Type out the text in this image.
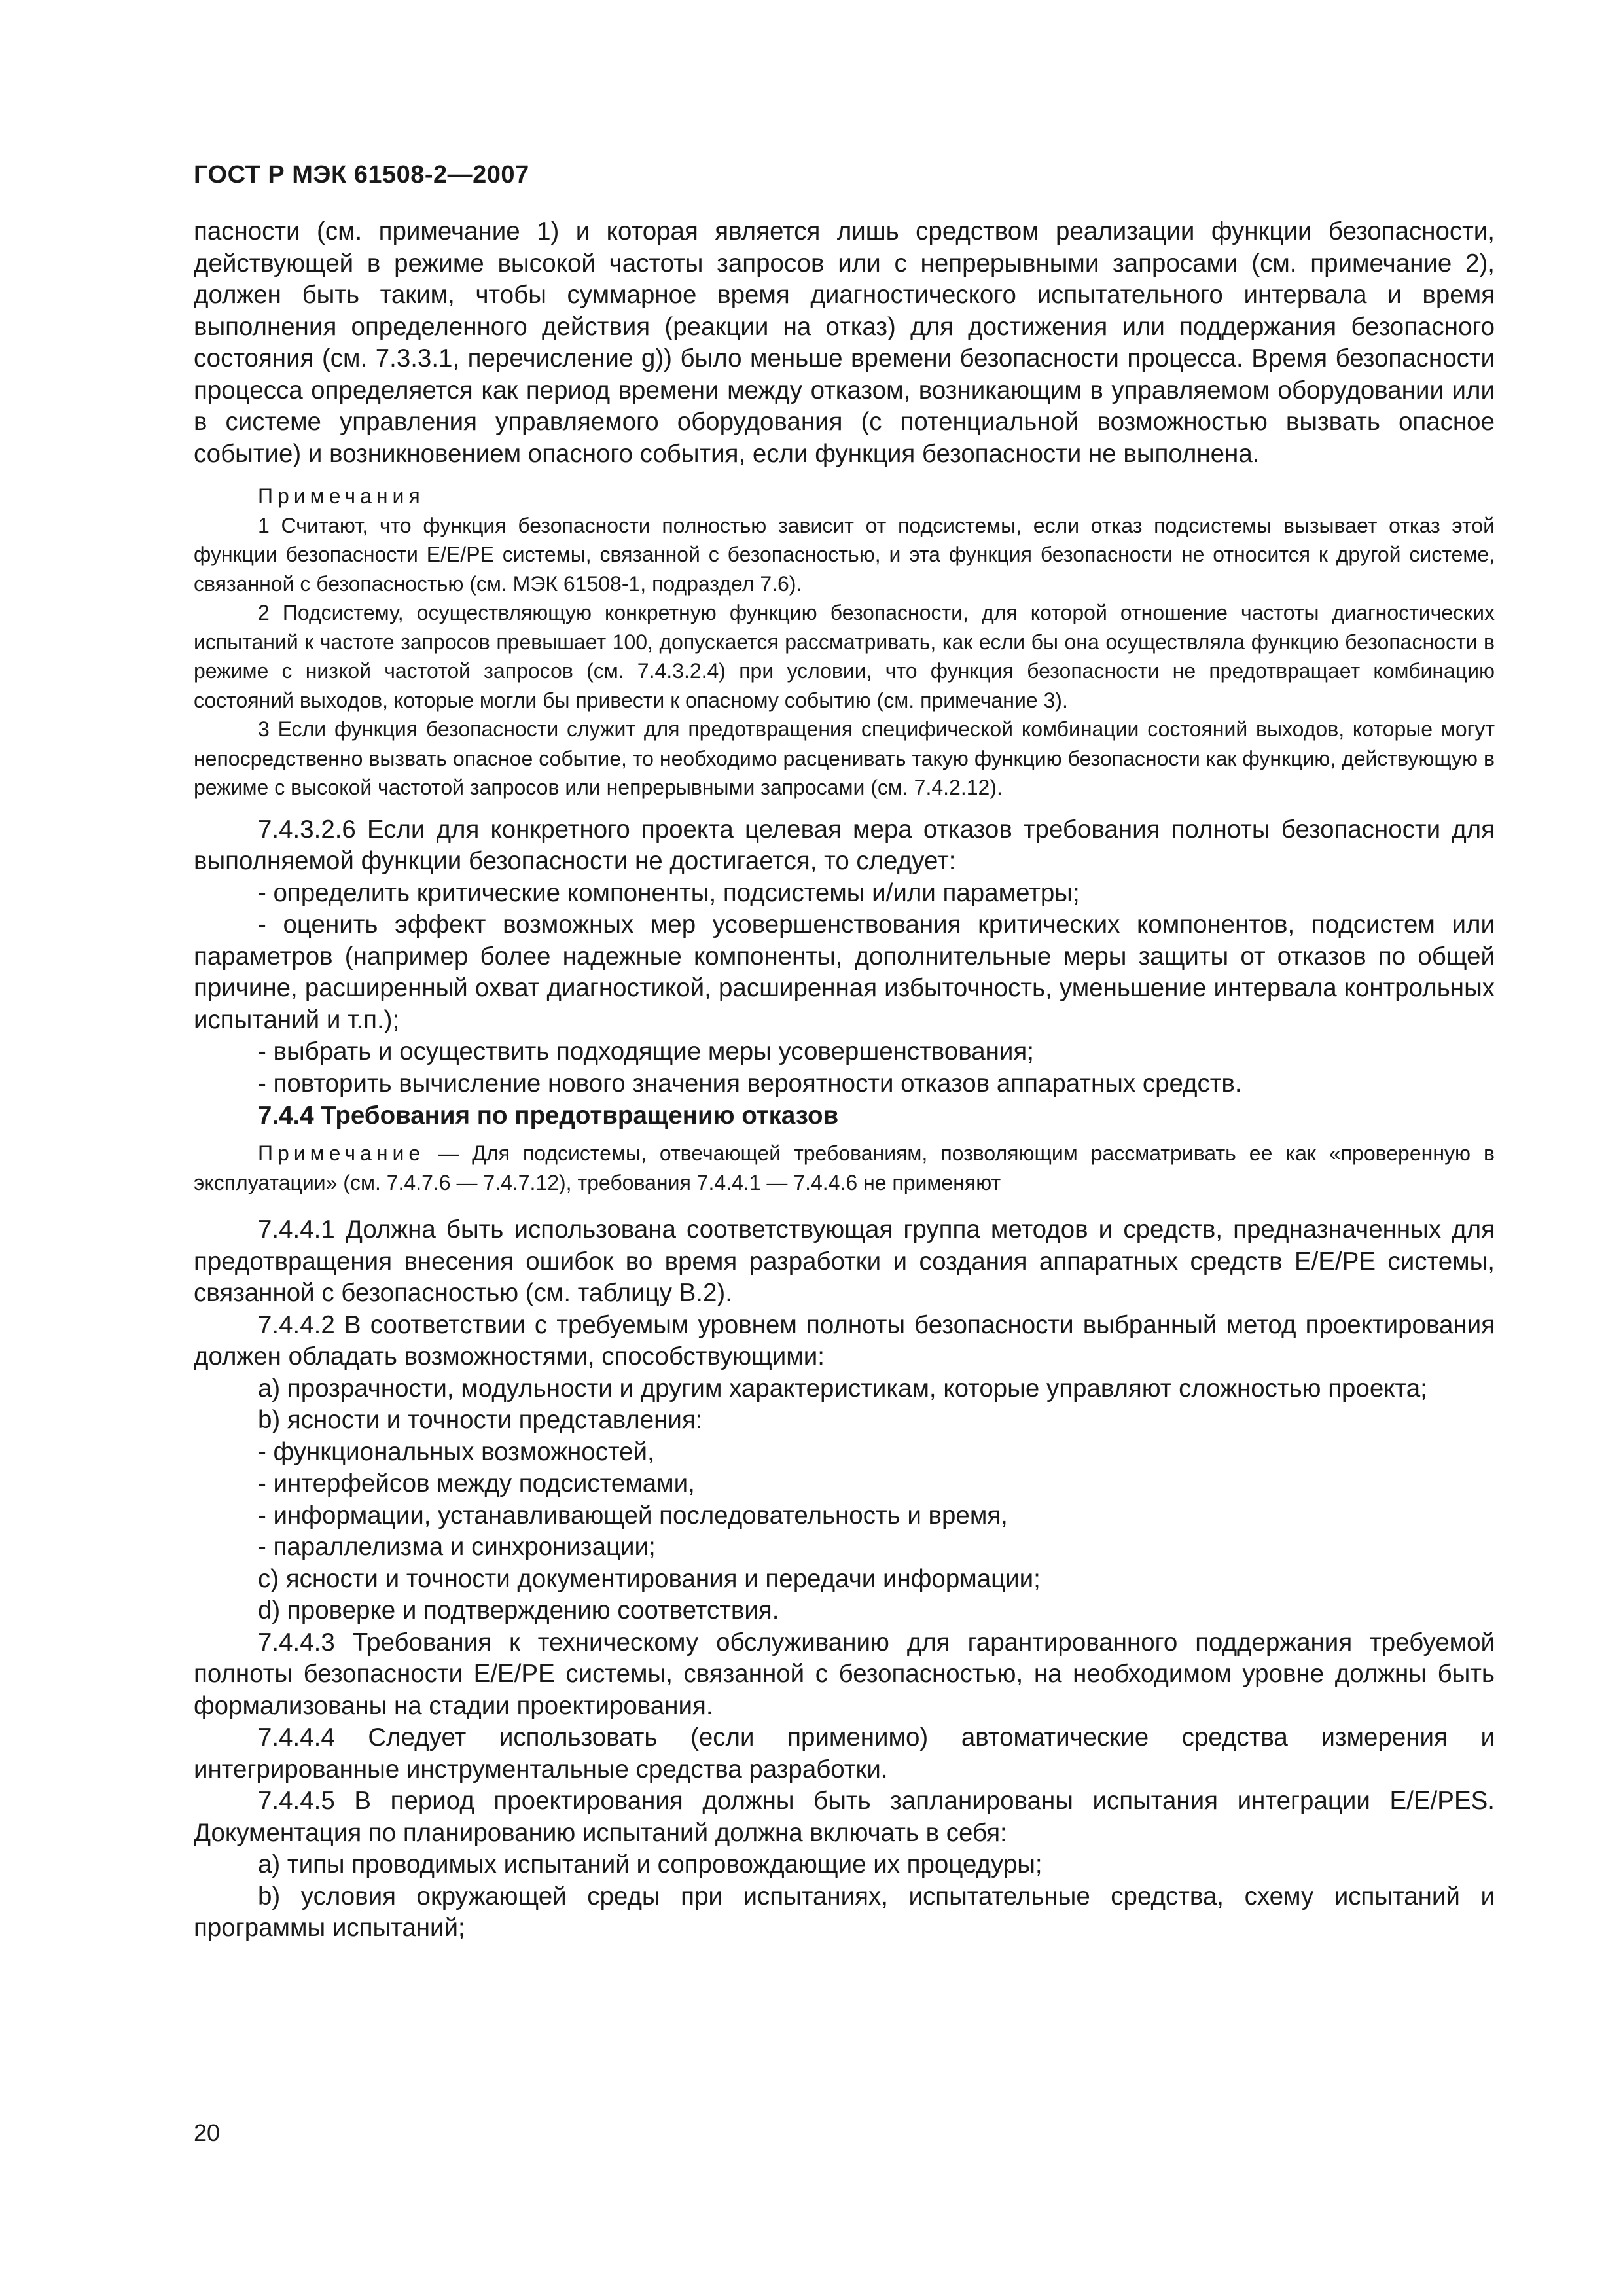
ГОСТ Р МЭК 61508-2—2007

пасности (см. примечание 1) и которая является лишь средством реализации функции безопасности, действующей в режиме высокой частоты запросов или с непрерывными запросами (см. примечание 2), должен быть таким, чтобы суммарное время диагностического испытательного интервала и время выполнения определенного действия (реакции на отказ) для достижения или поддержания безопасного состояния (см. 7.3.3.1, перечисление g)) было меньше времени безопасности процесса. Время безопасности процесса определяется как период времени между отказом, возникающим в управляемом оборудовании или в системе управления управляемого оборудования (с потенциальной возможностью вызвать опасное событие) и возникновением опасного события, если функция безопасности не выполнена.

Примечания

1 Считают, что функция безопасности полностью зависит от подсистемы, если отказ подсистемы вызывает отказ этой функции безопасности E/E/PE системы, связанной с безопасностью, и эта функция безопасности не относится к другой системе, связанной с безопасностью (см. МЭК 61508-1, подраздел 7.6).

2 Подсистему, осуществляющую конкретную функцию безопасности, для которой отношение частоты диагностических испытаний к частоте запросов превышает 100, допускается рассматривать, как если бы она осуществляла функцию безопасности в режиме с низкой частотой запросов (см. 7.4.3.2.4) при условии, что функция безопасности не предотвращает комбинацию состояний выходов, которые могли бы привести к опасному событию (см. примечание 3).

3 Если функция безопасности служит для предотвращения специфической комбинации состояний выходов, которые могут непосредственно вызвать опасное событие, то необходимо расценивать такую функцию безопасности как функцию, действующую в режиме с высокой частотой запросов или непрерывными запросами (см. 7.4.2.12).

7.4.3.2.6 Если для конкретного проекта целевая мера отказов требования полноты безопасности для выполняемой функции безопасности не достигается, то следует:

- определить критические компоненты, подсистемы и/или параметры;

- оценить эффект возможных мер усовершенствования критических компонентов, подсистем или параметров (например более надежные компоненты, дополнительные меры защиты от отказов по общей причине, расширенный охват диагностикой, расширенная избыточность, уменьшение интервала контрольных испытаний и т.п.);

- выбрать и осуществить подходящие меры усовершенствования;

- повторить вычисление нового значения вероятности отказов аппаратных средств.

7.4.4 Требования по предотвращению отказов

Примечание — Для подсистемы, отвечающей требованиям, позволяющим рассматривать ее как «проверенную в эксплуатации» (см. 7.4.7.6 — 7.4.7.12), требования 7.4.4.1 — 7.4.4.6 не применяют

7.4.4.1 Должна быть использована соответствующая группа методов и средств, предназначенных для предотвращения внесения ошибок во время разработки и создания аппаратных средств E/E/PE системы, связанной с безопасностью (см. таблицу В.2).

7.4.4.2 В соответствии с требуемым уровнем полноты безопасности выбранный метод проектирования должен обладать возможностями, способствующими:

a) прозрачности, модульности и другим характеристикам, которые управляют сложностью проекта;

b) ясности и точности представления:

- функциональных возможностей,

- интерфейсов между подсистемами,

- информации, устанавливающей последовательность и время,

- параллелизма и синхронизации;

c) ясности и точности документирования и передачи информации;

d) проверке и подтверждению соответствия.

7.4.4.3 Требования к техническому обслуживанию для гарантированного поддержания требуемой полноты безопасности E/E/PE системы, связанной с безопасностью, на необходимом уровне должны быть формализованы на стадии проектирования.

7.4.4.4 Следует использовать (если применимо) автоматические средства измерения и интегрированные инструментальные средства разработки.

7.4.4.5 В период проектирования должны быть запланированы испытания интеграции E/E/PES. Документация по планированию испытаний должна включать в себя:

a) типы проводимых испытаний и сопровождающие их процедуры;

b) условия окружающей среды при испытаниях, испытательные средства, схему испытаний и программы испытаний;

20
